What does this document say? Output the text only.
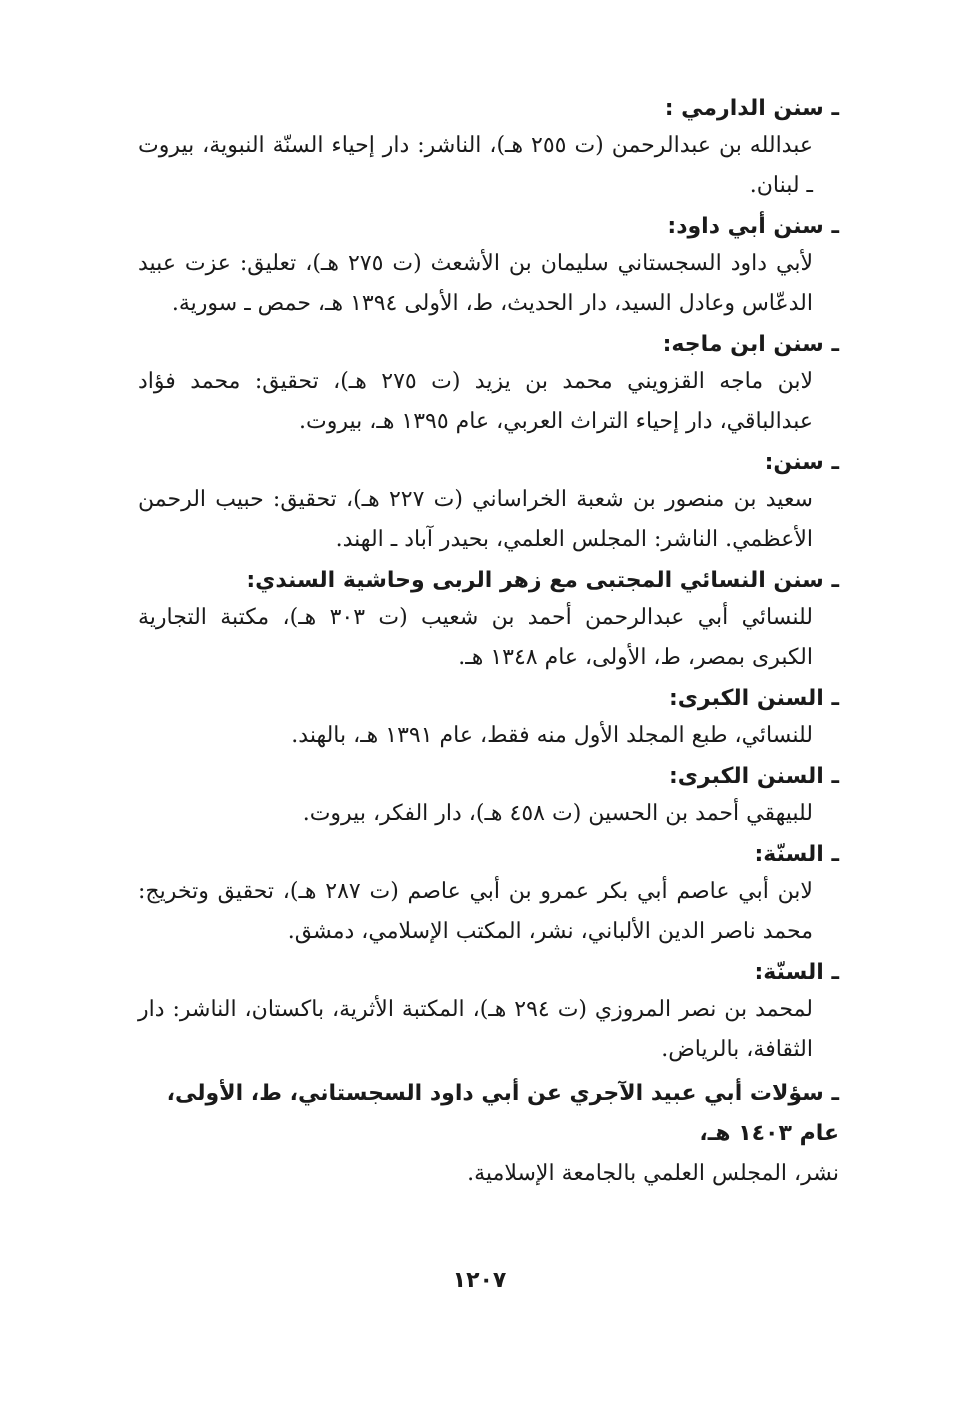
ـ سنن الدارمي :

عبدالله بن عبدالرحمن (ت ٢٥٥ هـ)، الناشر: دار إحياء السنّة النبوية، بيروت ـ لبنان.

ـ سنن أبي داود:

لأبي داود السجستاني سليمان بن الأشعث (ت ٢٧٥ هـ)، تعليق: عزت عبيد الدعّاس وعادل السيد، دار الحديث، ط، الأولى ١٣٩٤ هـ، حمص ـ سورية.

ـ سنن ابن ماجه:

لابن ماجه القزويني محمد بن يزيد (ت ٢٧٥ هـ)، تحقيق: محمد فؤاد عبدالباقي، دار إحياء التراث العربي، عام ١٣٩٥ هـ، بيروت.

ـ سنن:

سعيد بن منصور بن شعبة الخراساني (ت ٢٢٧ هـ)، تحقيق: حبيب الرحمن الأعظمي. الناشر: المجلس العلمي، بحيدر آباد ـ الهند.

ـ سنن النسائي المجتبى مع زهر الربى وحاشية السندي:

للنسائي أبي عبدالرحمن أحمد بن شعيب (ت ٣٠٣ هـ)، مكتبة التجارية الكبرى بمصر، ط، الأولى، عام ١٣٤٨ هـ.

ـ السنن الكبرى:

للنسائي، طبع المجلد الأول منه فقط، عام ١٣٩١ هـ، بالهند.

ـ السنن الكبرى:

للبيهقي أحمد بن الحسين (ت ٤٥٨ هـ)، دار الفكر، بيروت.

ـ السنّة:

لابن أبي عاصم أبي بكر عمرو بن أبي عاصم (ت ٢٨٧ هـ)، تحقيق وتخريج: محمد ناصر الدين الألباني، نشر، المكتب الإسلامي، دمشق.

ـ السنّة:

لمحمد بن نصر المروزي (ت ٢٩٤ هـ)، المكتبة الأثرية، باكستان، الناشر: دار الثقافة، بالرياض.

ـ سؤلات أبي عبيد الآجري عن أبي داود السجستاني، ط، الأولى، عام ١٤٠٣ هـ،

نشر، المجلس العلمي بالجامعة الإسلامية.

١٢٠٧
